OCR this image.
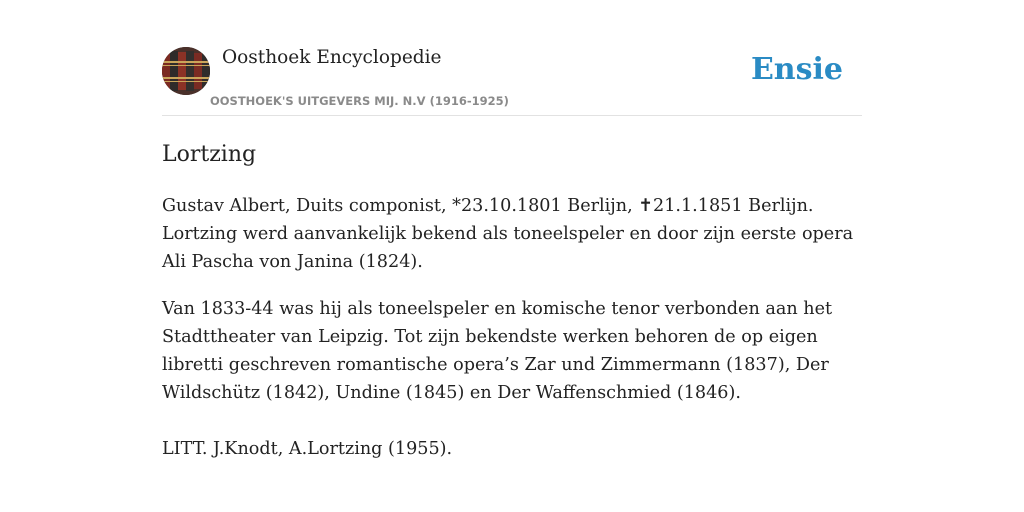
Oosthoek Encyclopedie
OOSTHOEK'S UITGEVERS MIJ. N.V (1916-1925)
Ensie
Lortzing

Gustav Albert, Duits componist, *23.10.1801 Berlijn, ✝21.1.1851 Berlijn. Lortzing werd aanvankelijk bekend als toneelspeler en door zijn eerste opera Ali Pascha von Janina (1824).

Van 1833-44 was hij als toneelspeler en komische tenor verbonden aan het Stadttheater van Leipzig. Tot zijn bekendste werken behoren de op eigen libretti geschreven romantische opera’s Zar und Zimmermann (1837), Der Wildschütz (1842), Undine (1845) en Der Waffenschmied (1846).

LITT. J.Knodt, A.Lortzing (1955).
